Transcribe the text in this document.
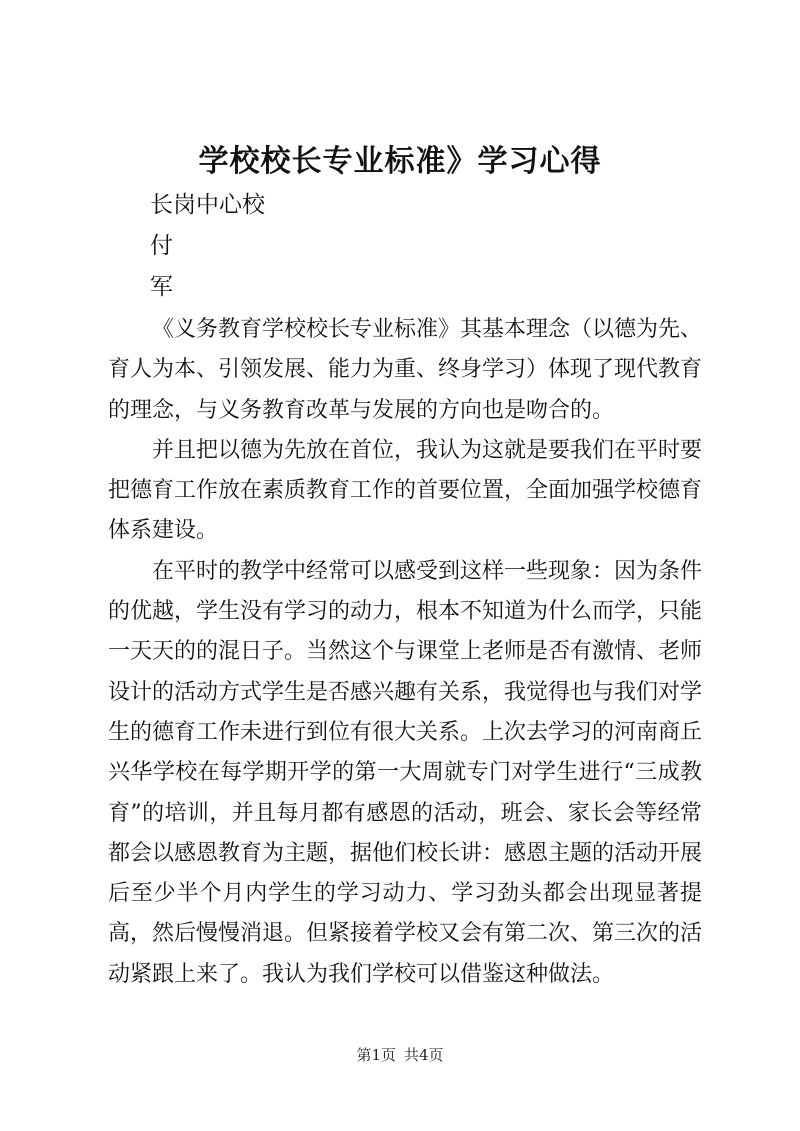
学校校长专业标准》学习心得

长岗中心校

付

军

《义务教育学校校长专业标准》其基本理念（以德为先、育人为本、引领发展、能力为重、终身学习）体现了现代教育的理念，与义务教育改革与发展的方向也是吻合的。

并且把以德为先放在首位，我认为这就是要我们在平时要把德育工作放在素质教育工作的首要位置，全面加强学校德育体系建设。

在平时的教学中经常可以感受到这样一些现象：因为条件的优越，学生没有学习的动力，根本不知道为什么而学，只能一天天的的混日子。当然这个与课堂上老师是否有激情、老师设计的活动方式学生是否感兴趣有关系，我觉得也与我们对学生的德育工作未进行到位有很大关系。上次去学习的河南商丘兴华学校在每学期开学的第一大周就专门对学生进行“三成教育”的培训，并且每月都有感恩的活动，班会、家长会等经常都会以感恩教育为主题，据他们校长讲：感恩主题的活动开展后至少半个月内学生的学习动力、学习劲头都会出现显著提高，然后慢慢消退。但紧接着学校又会有第二次、第三次的活动紧跟上来了。我认为我们学校可以借鉴这种做法。

第1页 共4页
